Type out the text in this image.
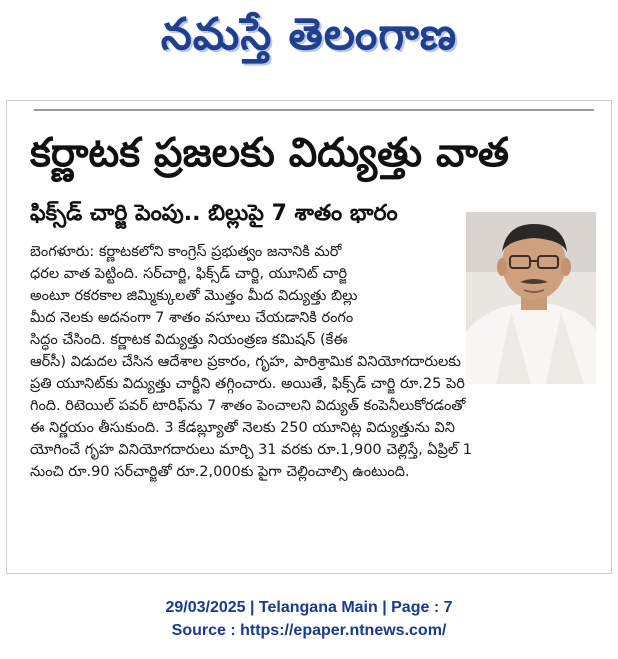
నమస్తే తెలంగాణ
కర్ణాటక ప్రజలకు విద్యుత్తు వాత
ఫిక్స్‌డ్ చార్జి పెంపు.. బిల్లుపై 7 శాతం భారం
బెంగళూరు: కర్ణాటకలోని కాంగ్రెస్ ప్రభుత్వం జనానికి మరో
ధరల వాత పెట్టింది. సర్‌చార్జి, ఫిక్స్‌డ్ చార్జి, యూనిట్ చార్జి
అంటూ రకరకాల జిమ్మిక్కులతో మొత్తం మీద విద్యుత్తు బిల్లు
మీద నెలకు అదనంగా 7 శాతం వసూలు చేయడానికి రంగం
సిద్ధం చేసింది. కర్ణాటక విద్యుత్తు నియంత్రణ కమిషన్ (కేఈ
ఆర్‌సీ) విడుదల చేసిన ఆదేశాల ప్రకారం, గృహ, పారిశ్రామిక వినియోగదారులకు
ప్రతి యూనిట్‌కు విద్యుత్తు చార్జీని తగ్గించారు. అయితే, ఫిక్స్‌డ్ చార్జి రూ.25 పెరి
గింది. రిటెయిల్ పవర్ టారిఫ్‌ను 7 శాతం పెంచాలని విద్యుత్ కంపెనీలుకోరడంతో
ఈ నిర్ణయం తీసుకుంది. 3 కేడబ్ల్యూతో నెలకు 250 యూనిట్ల విద్యుత్తును విని
యోగించే గృహ వినియోగదారులు మార్చి 31 వరకు రూ.1,900 చెల్లిస్తే, ఏప్రిల్ 1
నుంచి రూ.90 సర్‌చార్జితో రూ.2,000కు పైగా చెల్లించాల్సి ఉంటుంది.
29/03/2025 | Telangana Main | Page : 7
Source : https://epaper.ntnews.com/
